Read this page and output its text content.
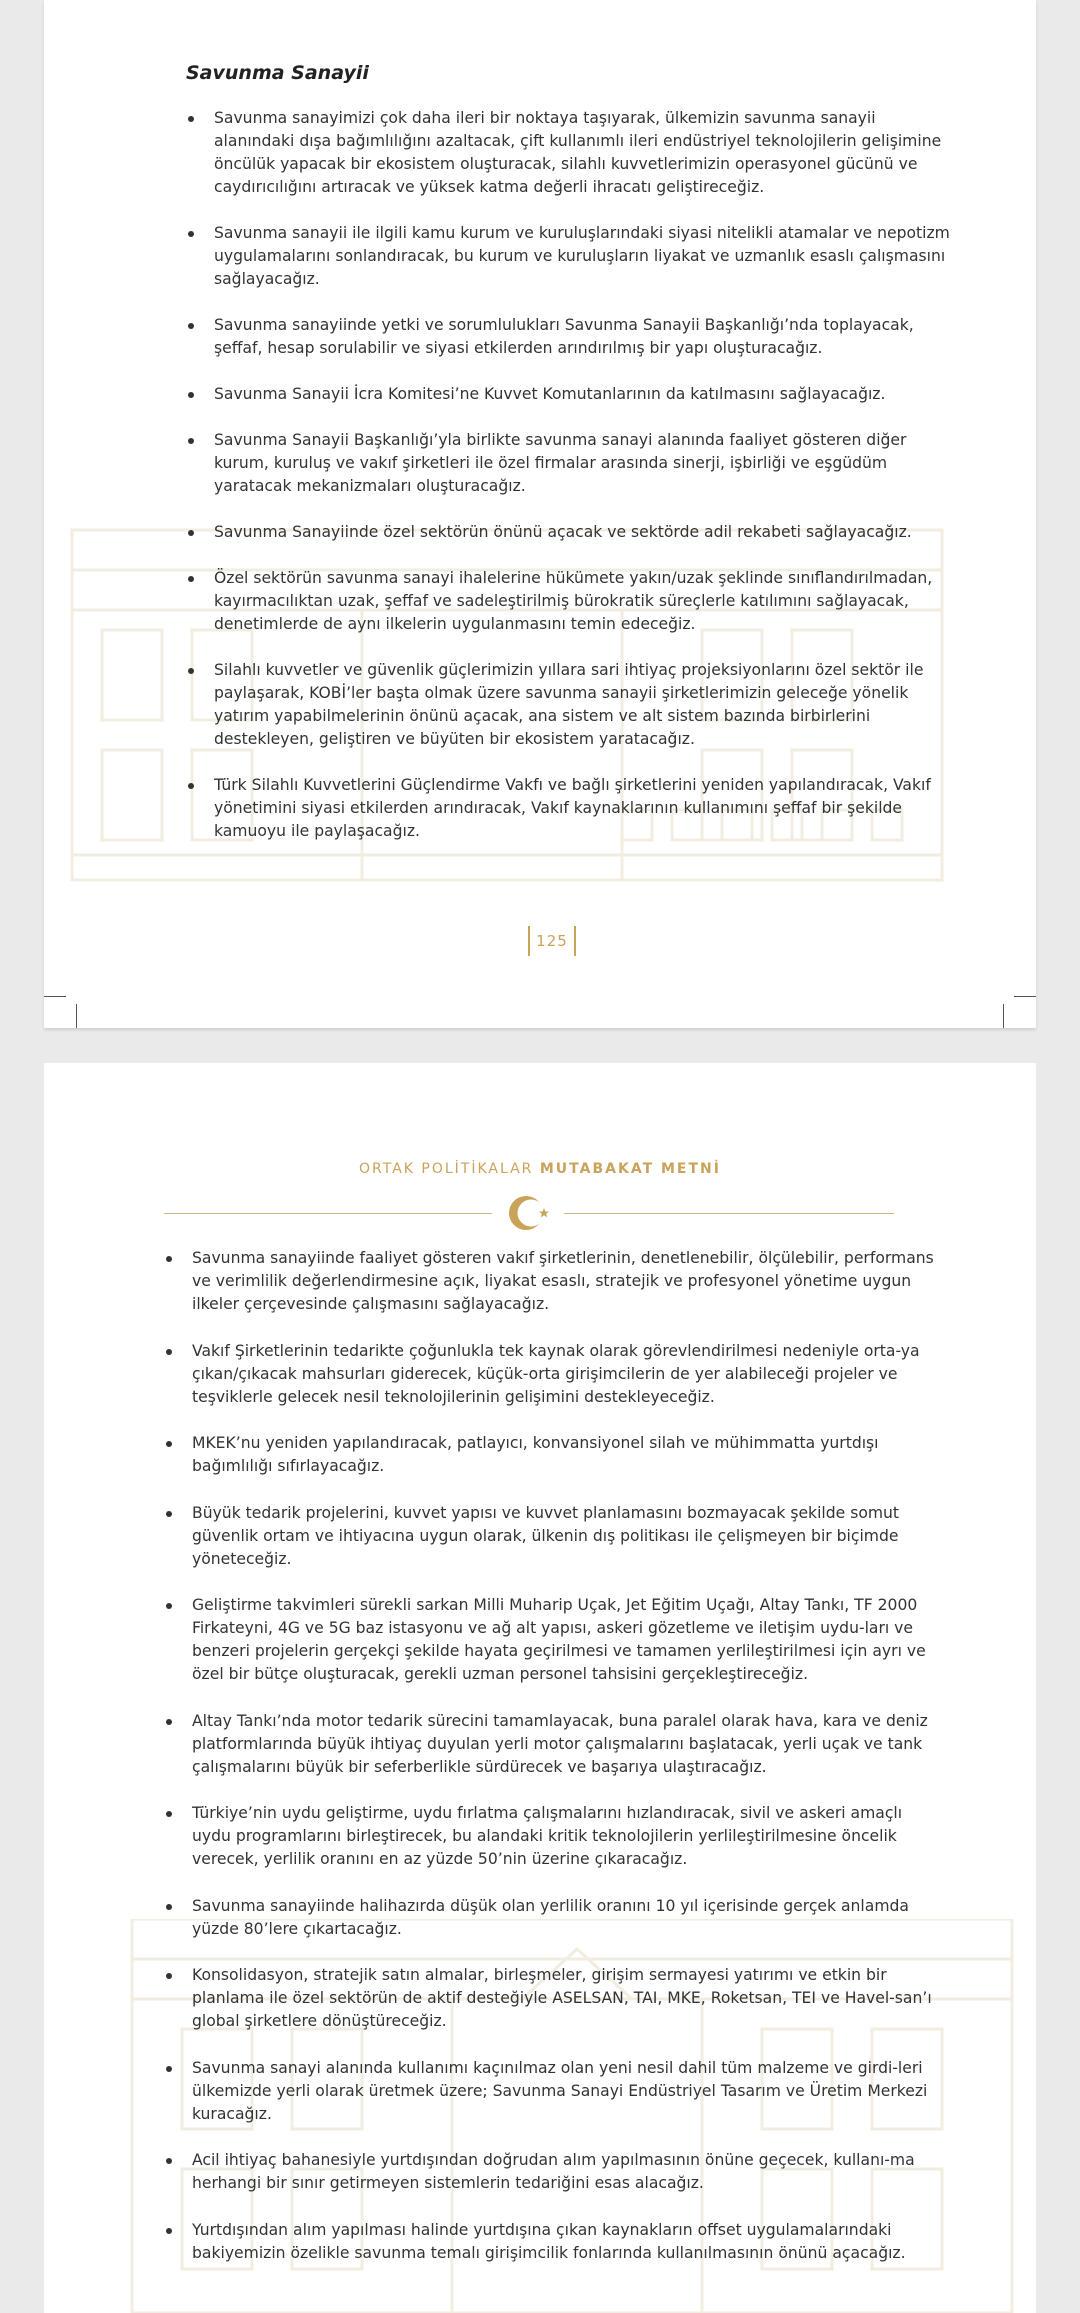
Savunma Sanayii
Savunma sanayimizi çok daha ileri bir noktaya taşıyarak, ülkemizin savunma sanayii alanındaki dışa bağımlılığını azaltacak, çift kullanımlı ileri endüstriyel teknolojilerin gelişimine öncülük yapacak bir ekosistem oluşturacak, silahlı kuvvetlerimizin operasyonel gücünü ve caydırıcılığını artıracak ve yüksek katma değerli ihracatı geliştireceğiz.
Savunma sanayii ile ilgili kamu kurum ve kuruluşlarındaki siyasi nitelikli atamalar ve nepotizm uygulamalarını sonlandıracak, bu kurum ve kuruluşların liyakat ve uzmanlık esaslı çalışmasını sağlayacağız.
Savunma sanayiinde yetki ve sorumlulukları Savunma Sanayii Başkanlığı’nda toplayacak, şeffaf, hesap sorulabilir ve siyasi etkilerden arındırılmış bir yapı oluşturacağız.
Savunma Sanayii İcra Komitesi’ne Kuvvet Komutanlarının da katılmasını sağlayacağız.
Savunma Sanayii Başkanlığı’yla birlikte savunma sanayi alanında faaliyet gösteren diğer kurum, kuruluş ve vakıf şirketleri ile özel firmalar arasında sinerji, işbirliği ve eşgüdüm yaratacak mekanizmaları oluşturacağız.
Savunma Sanayiinde özel sektörün önünü açacak ve sektörde adil rekabeti sağlayacağız.
Özel sektörün savunma sanayi ihalelerine hükümete yakın/uzak şeklinde sınıflandırılmadan, kayırmacılıktan uzak, şeffaf ve sadeleştirilmiş bürokratik süreçlerle katılımını sağlayacak, denetimlerde de aynı ilkelerin uygulanmasını temin edeceğiz.
Silahlı kuvvetler ve güvenlik güçlerimizin yıllara sari ihtiyaç projeksiyonlarını özel sektör ile paylaşarak, KOBİ’ler başta olmak üzere savunma sanayii şirketlerimizin geleceğe yönelik yatırım yapabilmelerinin önünü açacak, ana sistem ve alt sistem bazında birbirlerini destekleyen, geliştiren ve büyüten bir ekosistem yaratacağız.
Türk Silahlı Kuvvetlerini Güçlendirme Vakfı ve bağlı şirketlerini yeniden yapılandıracak, Vakıf yönetimini siyasi etkilerden arındıracak, Vakıf kaynaklarının kullanımını şeffaf bir şekilde kamuoyu ile paylaşacağız.
125
ORTAK POLİTİKALAR MUTABAKAT METNİ
Savunma sanayiinde faaliyet gösteren vakıf şirketlerinin, denetlenebilir, ölçülebilir, performans ve verimlilik değerlendirmesine açık, liyakat esaslı, stratejik ve profesyonel yönetime uygun ilkeler çerçevesinde çalışmasını sağlayacağız.
Vakıf Şirketlerinin tedarikte çoğunlukla tek kaynak olarak görevlendirilmesi nedeniyle orta-ya çıkan/çıkacak mahsurları giderecek, küçük-orta girişimcilerin de yer alabileceği projeler ve teşviklerle gelecek nesil teknolojilerinin gelişimini destekleyeceğiz.
MKEK’nu yeniden yapılandıracak, patlayıcı, konvansiyonel silah ve mühimmatta yurtdışı bağımlılığı sıfırlayacağız.
Büyük tedarik projelerini, kuvvet yapısı ve kuvvet planlamasını bozmayacak şekilde somut güvenlik ortam ve ihtiyacına uygun olarak, ülkenin dış politikası ile çelişmeyen bir biçimde yöneteceğiz.
Geliştirme takvimleri sürekli sarkan Milli Muharip Uçak, Jet Eğitim Uçağı, Altay Tankı, TF 2000 Firkateyni, 4G ve 5G baz istasyonu ve ağ alt yapısı, askeri gözetleme ve iletişim uydu-ları ve benzeri projelerin gerçekçi şekilde hayata geçirilmesi ve tamamen yerlileştirilmesi için ayrı ve özel bir bütçe oluşturacak, gerekli uzman personel tahsisini gerçekleştireceğiz.
Altay Tankı’nda motor tedarik sürecini tamamlayacak, buna paralel olarak hava, kara ve deniz platformlarında büyük ihtiyaç duyulan yerli motor çalışmalarını başlatacak, yerli uçak ve tank çalışmalarını büyük bir seferberlikle sürdürecek ve başarıya ulaştıracağız.
Türkiye’nin uydu geliştirme, uydu fırlatma çalışmalarını hızlandıracak, sivil ve askeri amaçlı uydu programlarını birleştirecek, bu alandaki kritik teknolojilerin yerlileştirilmesine öncelik verecek, yerlilik oranını en az yüzde 50’nin üzerine çıkaracağız.
Savunma sanayiinde halihazırda düşük olan yerlilik oranını 10 yıl içerisinde gerçek anlamda yüzde 80’lere çıkartacağız.
Konsolidasyon, stratejik satın almalar, birleşmeler, girişim sermayesi yatırımı ve etkin bir planlama ile özel sektörün de aktif desteğiyle ASELSAN, TAI, MKE, Roketsan, TEI ve Havel-san’ı global şirketlere dönüştüreceğiz.
Savunma sanayi alanında kullanımı kaçınılmaz olan yeni nesil dahil tüm malzeme ve girdi-leri ülkemizde yerli olarak üretmek üzere; Savunma Sanayi Endüstriyel Tasarım ve Üretim Merkezi kuracağız.
Acil ihtiyaç bahanesiyle yurtdışından doğrudan alım yapılmasının önüne geçecek, kullanı-ma herhangi bir sınır getirmeyen sistemlerin tedariğini esas alacağız.
Yurtdışından alım yapılması halinde yurtdışına çıkan kaynakların offset uygulamalarındaki bakiyemizin özelikle savunma temalı girişimcilik fonlarında kullanılmasının önünü açacağız.
